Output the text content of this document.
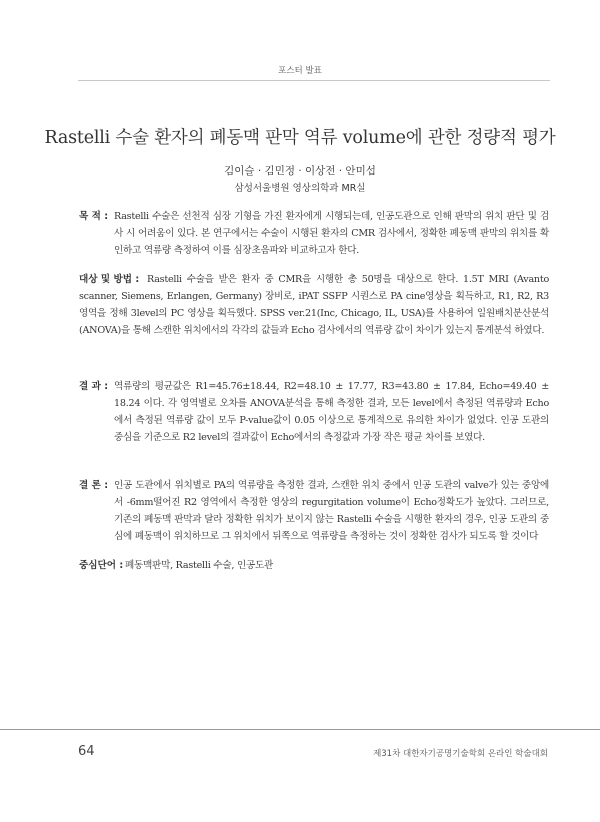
포스터 발표
Rastelli 수술 환자의 폐동맥 판막 역류 volume에 관한 정량적 평가
김이슬 · 김민정 · 이상전 · 안미섭
삼성서울병원 영상의학과 MR실
목 적 : Rastelli 수술은 선천적 심장 기형을 가진 환자에게 시행되는데, 인공도관으로 인해 판막의 위치 판단 및 검사 시 어려움이 있다. 본 연구에서는 수술이 시행된 환자의 CMR 검사에서, 정확한 폐동맥 판막의 위치를 확인하고 역류량 측정하여 이를 심장초음파와 비교하고자 한다.
대상 및 방법 : Rastelli 수술을 받은 환자 중 CMR을 시행한 총 50명을 대상으로 한다. 1.5T MRI (Avanto scanner, Siemens, Erlangen, Germany) 장비로, iPAT SSFP 시퀀스로 PA cine영상을 획득하고, R1, R2, R3영역을 정해 3level의 PC 영상을 획득했다. SPSS ver.21(Inc, Chicago, IL, USA)를 사용하여 일원배치분산분석(ANOVA)을 통해 스캔한 위치에서의 각각의 값들과 Echo 검사에서의 역류량 값이 차이가 있는지 통계분석 하였다.
결 과 : 역류량의 평균값은 R1=45.76±18.44, R2=48.10 ± 17.77, R3=43.80 ± 17.84, Echo=49.40 ± 18.24 이다. 각 영역별로 오차를 ANOVA분석을 통해 측정한 결과, 모든 level에서 측정된 역류량과 Echo에서 측정된 역류량 값이 모두 P-value값이 0.05 이상으로 통계적으로 유의한 차이가 없었다. 인공 도관의 중심을 기준으로 R2 level의 결과값이 Echo에서의 측정값과 가장 작은 평균 차이를 보였다.
결 론 : 인공 도관에서 위치별로 PA의 역류량을 측정한 결과, 스캔한 위치 중에서 인공 도관의 valve가 있는 중앙에서 -6mm떨어진 R2 영역에서 측정한 영상의 regurgitation volume이 Echo정확도가 높았다. 그러므로, 기존의 폐동맥 판막과 달라 정확한 위치가 보이지 않는 Rastelli 수술을 시행한 환자의 경우, 인공 도관의 중심에 폐동맥이 위치하므로 그 위치에서 뒤쪽으로 역류량을 측정하는 것이 정확한 검사가 되도록 할 것이다
중심단어 : 폐동맥판막, Rastelli 수술, 인공도관
64	제31차 대한자기공명기술학회 온라인 학술대회
